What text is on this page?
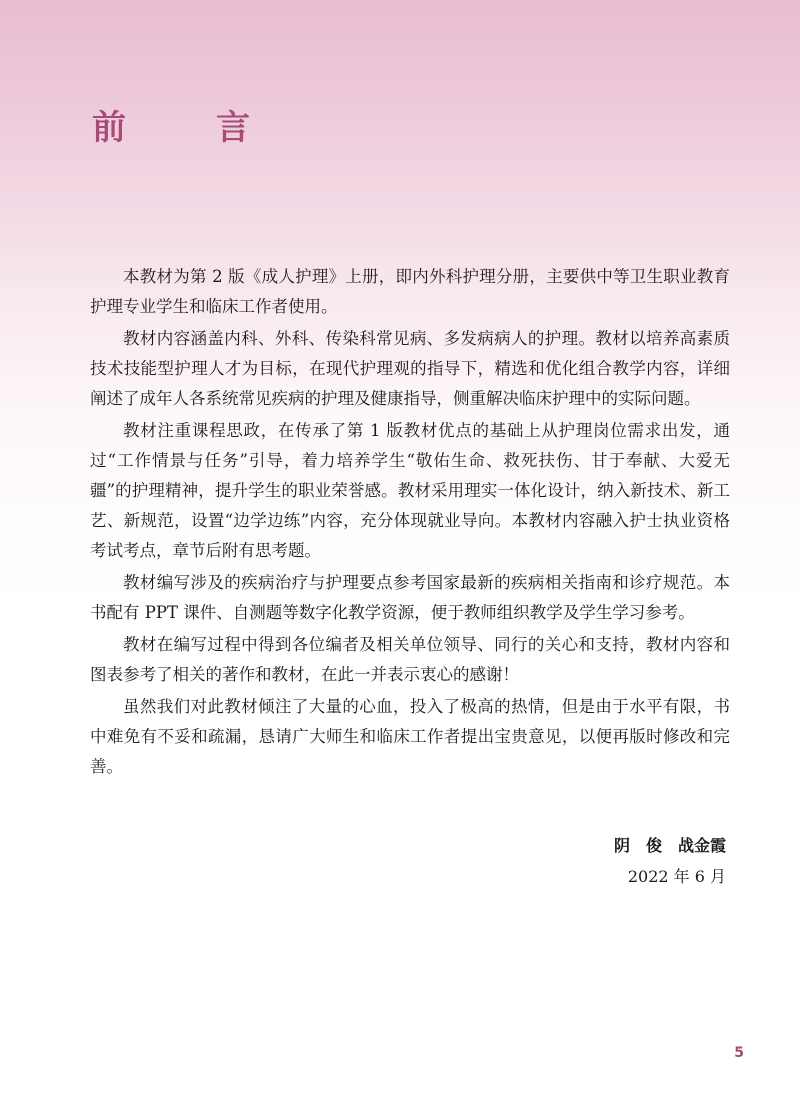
前　言

本教材为第 2 版《成人护理》上册，即内外科护理分册，主要供中等卫生职业教育护理专业学生和临床工作者使用。

教材内容涵盖内科、外科、传染科常见病、多发病病人的护理。教材以培养高素质技术技能型护理人才为目标，在现代护理观的指导下，精选和优化组合教学内容，详细阐述了成年人各系统常见疾病的护理及健康指导，侧重解决临床护理中的实际问题。

教材注重课程思政，在传承了第 1 版教材优点的基础上从护理岗位需求出发，通过“工作情景与任务”引导，着力培养学生“敬佑生命、救死扶伤、甘于奉献、大爱无疆”的护理精神，提升学生的职业荣誉感。教材采用理实一体化设计，纳入新技术、新工艺、新规范，设置“边学边练”内容，充分体现就业导向。本教材内容融入护士执业资格考试考点，章节后附有思考题。

教材编写涉及的疾病治疗与护理要点参考国家最新的疾病相关指南和诊疗规范。本书配有 PPT 课件、自测题等数字化教学资源，便于教师组织教学及学生学习参考。

教材在编写过程中得到各位编者及相关单位领导、同行的关心和支持，教材内容和图表参考了相关的著作和教材，在此一并表示衷心的感谢！

虽然我们对此教材倾注了大量的心血，投入了极高的热情，但是由于水平有限，书中难免有不妥和疏漏，恳请广大师生和临床工作者提出宝贵意见，以便再版时修改和完善。

阴　俊　战金霞
2022 年 6 月
5
